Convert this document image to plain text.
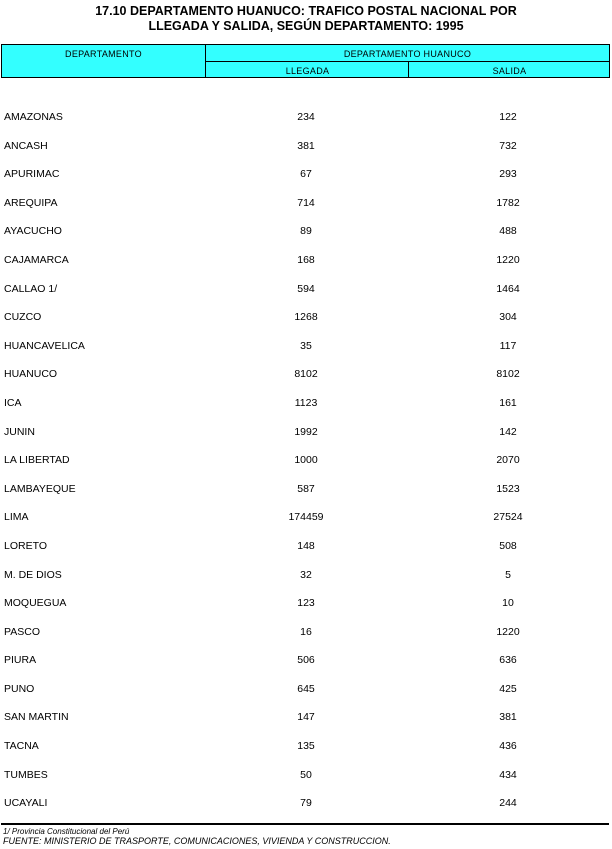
17.10 DEPARTAMENTO HUANUCO: TRAFICO POSTAL NACIONAL POR
LLEGADA Y SALIDA, SEGÚN DEPARTAMENTO: 1995
DEPARTAMENTO	DEPARTAMENTO HUANUCO
LLEGADA	SALIDA
AMAZONAS	234	122
ANCASH	381	732
APURIMAC	67	293
AREQUIPA	714	1782
AYACUCHO	89	488
CAJAMARCA	168	1220
CALLAO 1/	594	1464
CUZCO	1268	304
HUANCAVELICA	35	117
HUANUCO	8102	8102
ICA	1123	161
JUNIN	1992	142
LA LIBERTAD	1000	2070
LAMBAYEQUE	587	1523
LIMA	174459	27524
LORETO	148	508
M. DE DIOS	32	5
MOQUEGUA	123	10
PASCO	16	1220
PIURA	506	636
PUNO	645	425
SAN MARTIN	147	381
TACNA	135	436
TUMBES	50	434
UCAYALI	79	244
1/ Provincia Constitucional del Perú
FUENTE: MINISTERIO DE TRASPORTE, COMUNICACIONES, VIVIENDA Y CONSTRUCCION.
